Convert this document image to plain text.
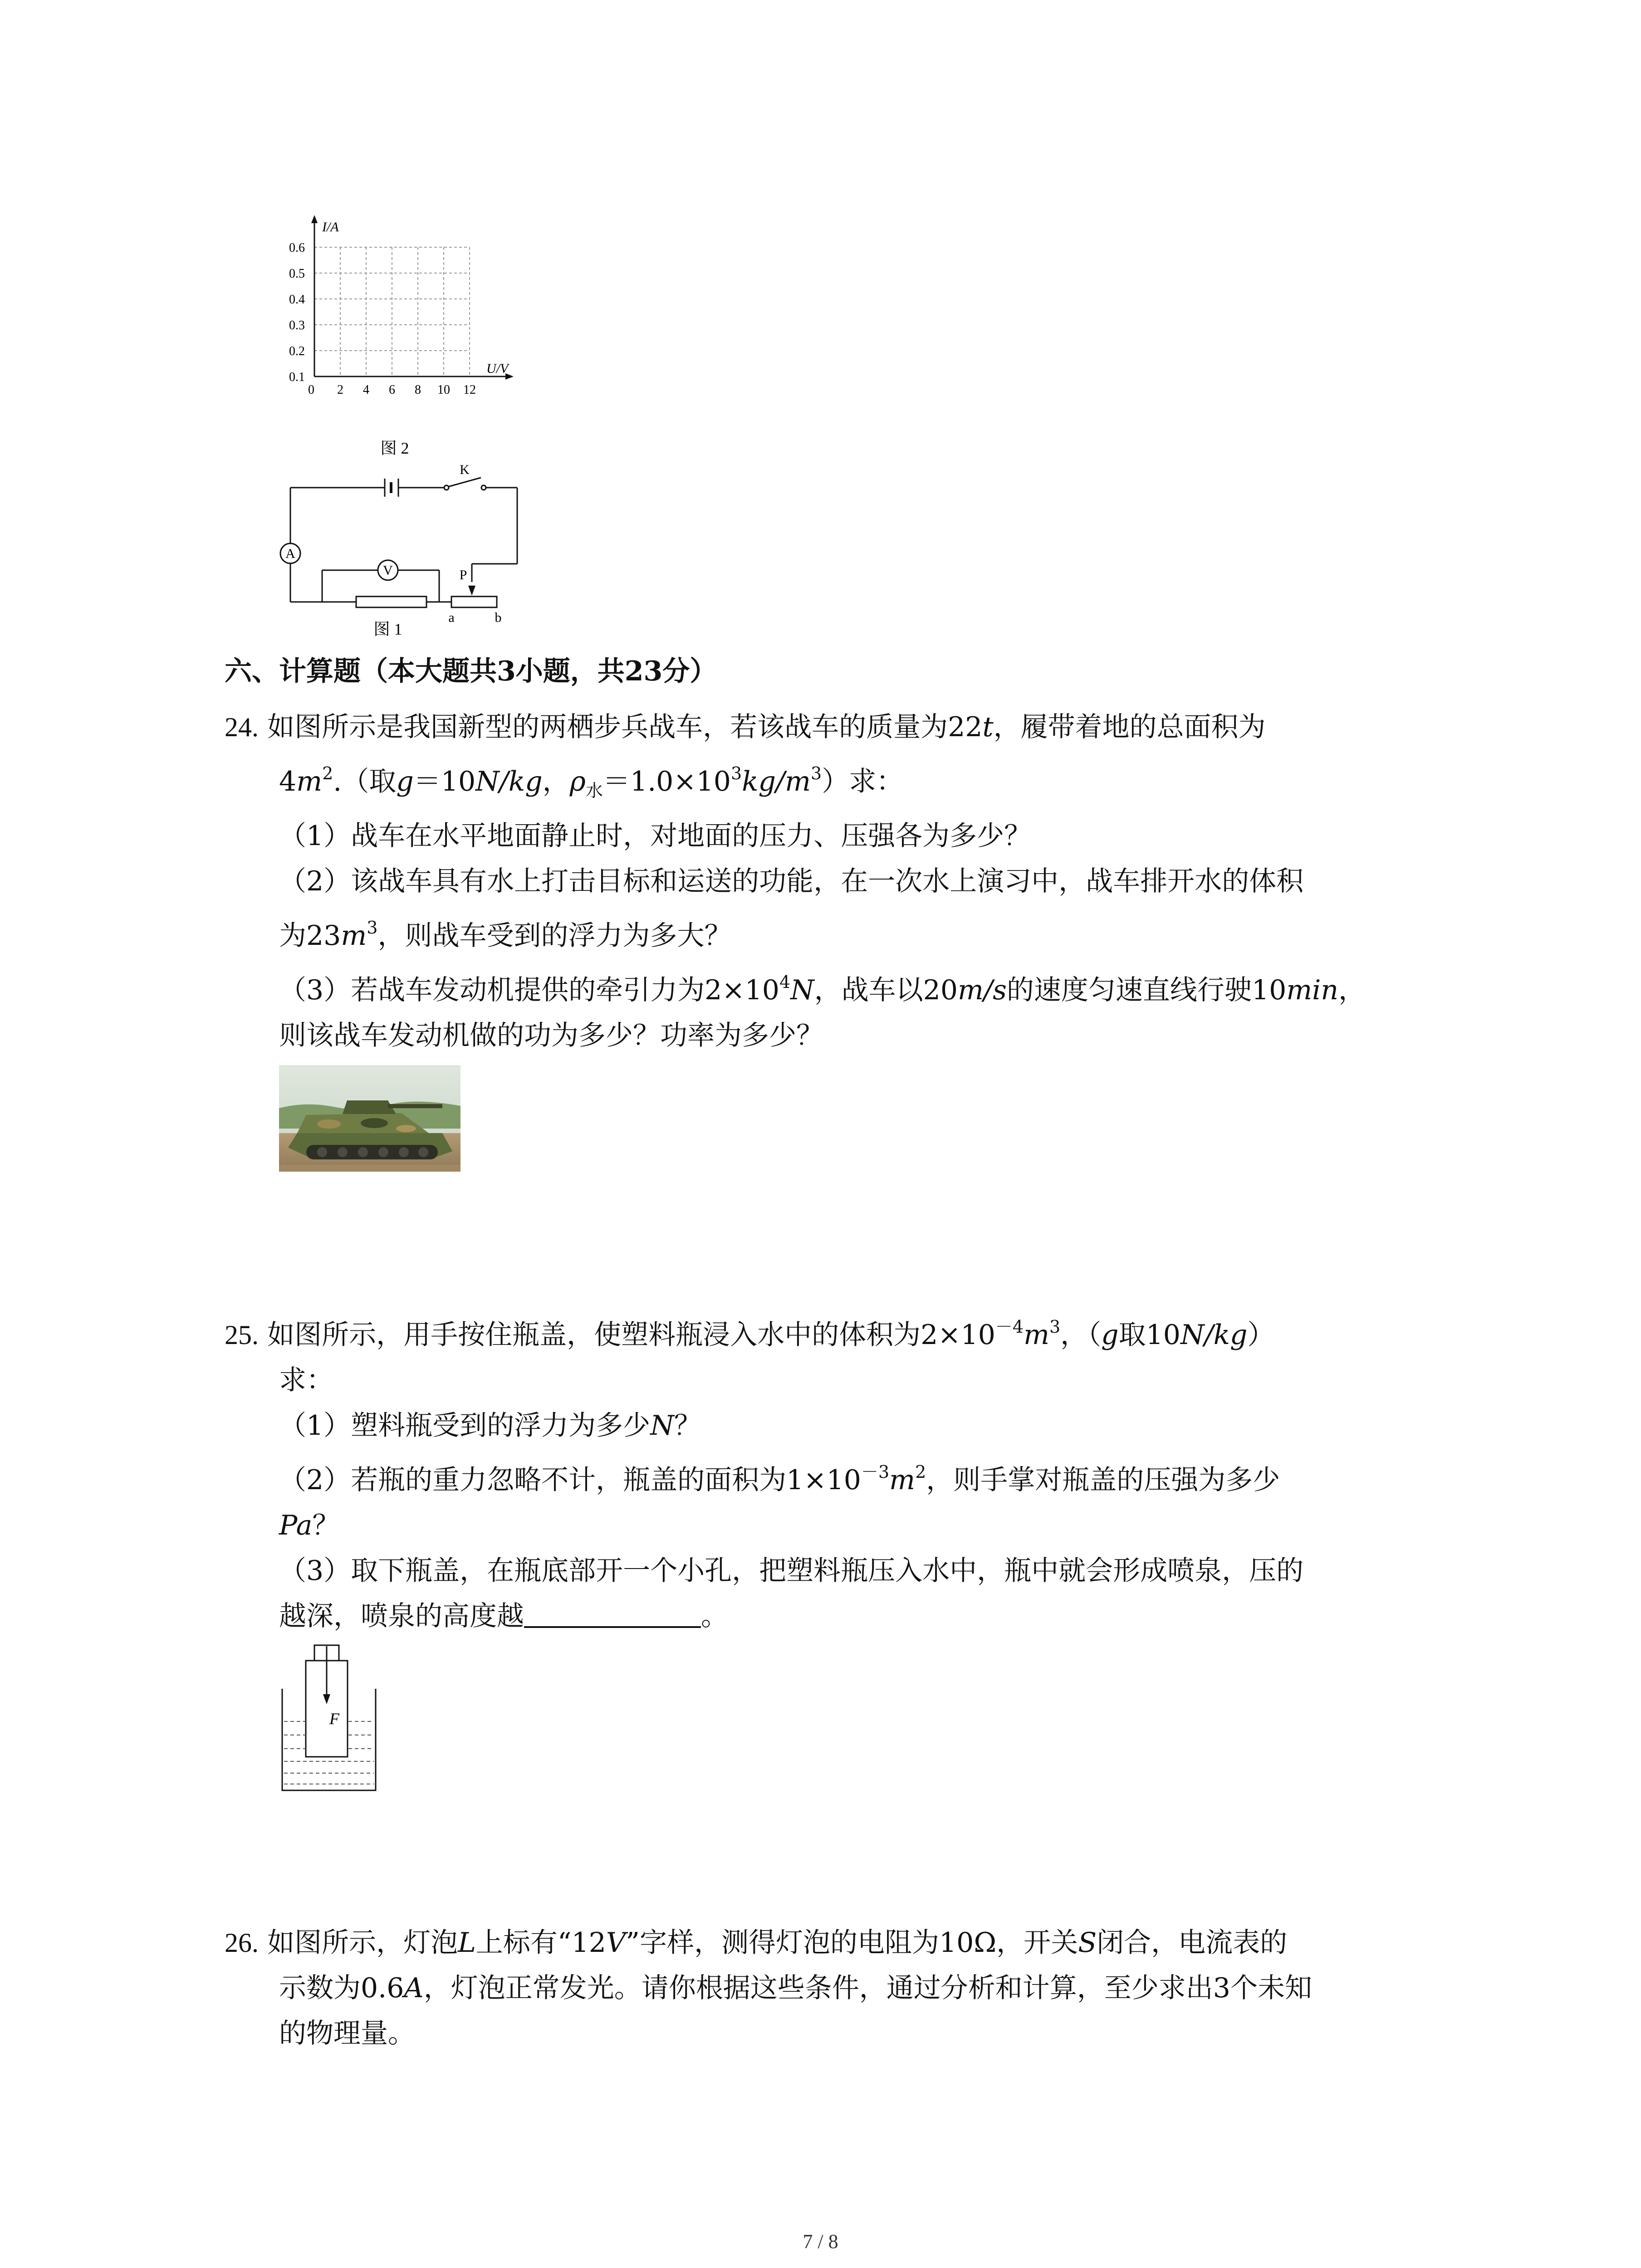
I/A
U/V
0.6
0.5
0.4
0.3
0.2
0.1
0 2 4 6 8 10 12
图 2
K
A
V	P
a	b
图 1
六、计算题（本大题共3小题，共23分）
24. 如图所示是我国新型的两栖步兵战车，若该战车的质量为22t，履带着地的总面积为
$4m^2$.（取g＝10N/kg，$\rho_水=1.0\times 10^3kg/m^3$）求：
（1）战车在水平地面静止时，对地面的压力、压强各为多少？
（2）该战车具有水上打击目标和运送的功能，在一次水上演习中，战车排开水的体积
为$23m^3$，则战车受到的浮力为多大？
（3）若战车发动机提供的牵引力为$2\times 10^4N$，战车以20m/s的速度匀速直线行驶10min，
则该战车发动机做的功为多少？功率为多少？
25. 如图所示，用手按住瓶盖，使塑料瓶浸入水中的体积为$2\times 10^{-4}m^3$，（g取10N/kg）
求：
（1）塑料瓶受到的浮力为多少N？
（2）若瓶的重力忽略不计，瓶盖的面积为$1\times 10^{-3}m^2$，则手掌对瓶盖的压强为多少
Pa？
（3）取下瓶盖，在瓶底部开一个小孔，把塑料瓶压入水中，瓶中就会形成喷泉，压的
越深，喷泉的高度越	。
F
26. 如图所示，灯泡L上标有“12V”字样，测得灯泡的电阻为10Ω，开关S闭合，电流表的
示数为0.6A，灯泡正常发光。请你根据这些条件，通过分析和计算，至少求出3个未知
的物理量。
7 / 8
